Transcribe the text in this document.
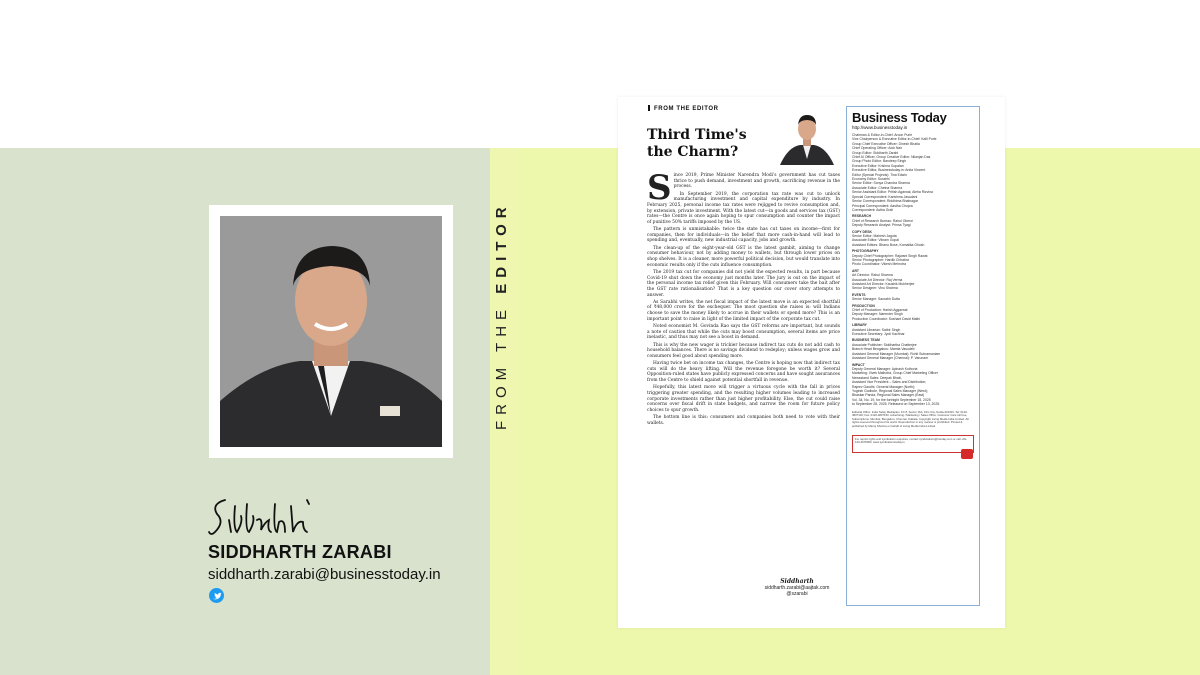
FROM THE EDITOR
SIDDHARTH ZARABI
siddharth.zarabi@businesstoday.in
FROM THE EDITOR
Third Time's the Charm?

Since 2019, Prime Minister Narendra Modi's government has cut taxes thrice to push demand, investment and growth, sacrificing revenue in the process.

In September 2019, the corporation tax rate was cut to unlock manufacturing investment and capital expenditure by industry. In February 2025, personal income tax rates were rejigged to revive consumption and, by extension, private investment. With the latest cut—in goods and services tax (GST) rates—the Centre is once again hoping to spur consumption and counter the impact of punitive 50% tariffs imposed by the US.

The pattern is unmistakable: twice the state has cut taxes on income—first for companies, then for individuals—in the belief that more cash-in-hand will lead to spending and, eventually, new industrial capacity, jobs and growth.

The clean-up of the eight-year-old GST is the latest gambit, aiming to change consumer behaviour, not by adding money to wallets, but through lower prices on shop shelves. It is a cleaner, more powerful political decision, but would translate into economic results only if the cuts influence consumption.

The 2019 tax cut for companies did not yield the expected results, in part because Covid-19 shut down the economy just months later. The jury is out on the impact of the personal income tax relief given this February. Will consumers take the bait after the GST rate rationalisation? That is a key question our cover story attempts to answer.

As Sarabhi writes, the net fiscal impact of the latest move is an expected shortfall of ₹48,000 crore for the exchequer. The moot question she raises is: will Indians choose to save the money likely to accrue in their wallets or spend more? This is an important point to raise in light of the limited impact of the corporate tax cut.

Noted economist M. Govinda Rao says the GST reforms are important, but sounds a note of caution that while the cuts may boost consumption, several items are price inelastic, and thus may not see a boost in demand.

This is why the new wager is trickier because indirect tax cuts do not add cash to household balances. There is no savings dividend to redeploy; unless wages grow and consumers feel good about spending more.

Having twice bet on income tax changes, the Centre is hoping now that indirect tax cuts will do the heavy lifting. Will the revenue foregone be worth it? Several Opposition-ruled states have publicly expressed concerns and have sought assurances from the Centre to shield against potential shortfall in revenue.

Hopefully, this latest move will trigger a virtuous cycle with the fall in prices triggering greater spending, and the resulting higher volumes leading to increased corporate investments rather than just higher profitability. Else, the cut could raise concerns over fiscal drift in state budgets, and narrow the room for future policy choices to spur growth.

The bottom line is this: consumers and companies both need to vote with their wallets.

Siddharth
siddharth.zarabi@aajtak.com
@szarabi
Business Today
http://www.businesstoday.in
Chairman & Editor-in-Chief: Aroon Purie
Vice Chairperson & Executive Editor-in-Chief: Kalli Purie
Group Chief Executive Officer: Dinesh Bhatia
Chief Operating Officer: Alok Nair
Group Editor: Siddharth Zarabi
Chief AI Officer, Group Creative Editor: Nilanjan Das
Group Photo Editor: Bandeep Singh
Executive Editor: Krishna Gopalan
Executive Editor, Businesstoday.in: Anita Vincent
Editor (Special Projects): Tina Edwin
Economy Editor: Surabhi
Senior Editor: Sonya Chandra Sharma
Associate Editor: Chetna Sharma
Senior Assistant Editor: Pritish Agarwal, Aleha Rizvina
Special Correspondent: Karishma Jasudani
Senior Correspondent: Riddhima Bhatnagar
Principal Correspondent: Aastha Chopra
Correspondent: Astha Grail
RESEARCH
Chief of Research Bureau: Rahul Oberoi
Deputy Research Analyst: Prinsa Tyagi
COPY DESK
Senior Editor: Mahesh Jagota
Associate Editor: Vikram Gopal
Assistant Editors: Bhanu Bose, Komalika Ghosh
PHOTOGRAPHY
Deputy Chief Photographer: Rajwant Singh Rawat
Senior Photographer: Hardik Chhabra
Photo Coordinator: Vikesh Mehrotra
ART
Art Director: Rahul Sharma
Associate Art Director: Raj Verma
Assistant Art Director: Kaushik Mukherjee
Senior Designer: Vinu Sharma
EVENTS
Senior Manager: Saurabh Dutta
PRODUCTION
Chief of Production: Harish Aggarwal
Deputy Manager: Narender Singh
Production Coordinator: Sushant David Mathi
LIBRARY
Assistant Librarian: Satbir Singh
Executive Secretary: Jyoti Kachhar
BUSINESS TEAM
Associate Publisher: Siddhartha Chatterjee
Branch Head Bengaluru: Mamta Vasudeb
Assistant General Manager (Mumbai): Rohit Subramaniam
Assistant General Manager (Chennai): P. Varunam
IMPACT
Deputy General Manager: Ayinash Kothoria
Marketing: Vivek Malhotra, Group Chief Marketing Officer
Newsstand Sales: Deepak Bhatt,
Assistant Vice President – Sales and Distribution;
Rajeev Gandhi, General Manager (North);
Yogesh Godbole, Regional Sales Manager (West);
Bhaskar Panda, Regional Sales Manager (East)
Vol. 34, No. 19, for the fortnight September 15, 2025
to September 28, 2025. Released on September 13, 2025.
Editorial Office: India Today Mediaplex, FC 8, Sector 16A, Film City, Noida-201301; Tel: 0120-4807100; Fax: 0120-4807150. Advertising / Marketing / Sales Office: Customer Care toll free, Subscriptions, Mumbai, Bengaluru, Chennai, Kolkata. Copyright Living Media India Limited. All rights reserved throughout the world. Reproduction in any manner is prohibited. Printed & published by Manoj Sharma on behalf of Living Media India Limited.
For reprint rights and syndication enquiries, contact syndications@intoday.com or call +91-120-4078000. www.syndicationstoday.in
